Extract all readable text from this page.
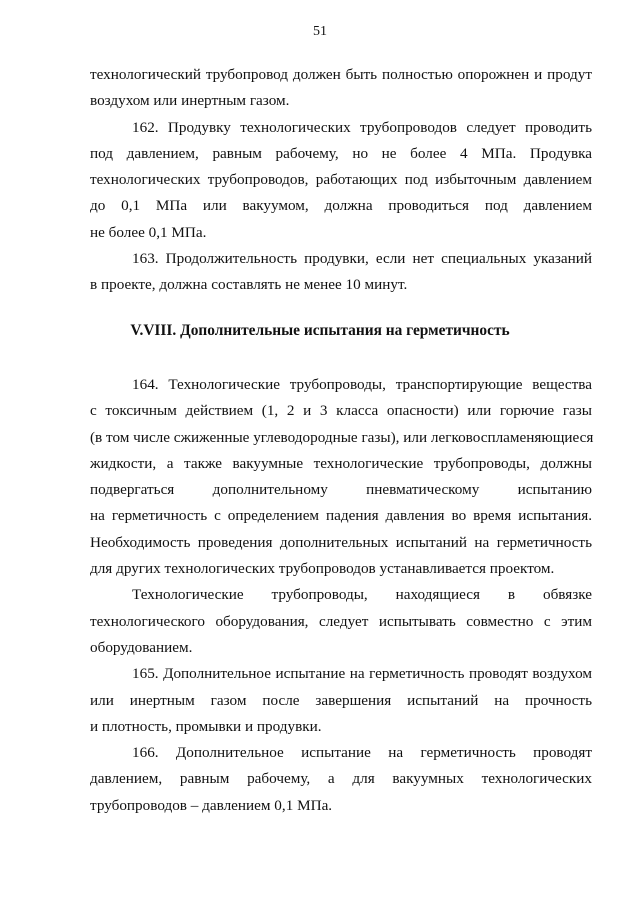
51
технологический трубопровод должен быть полностью опорожнен и продут
воздухом или инертным газом.
162. Продувку технологических трубопроводов следует проводить
под давлением, равным рабочему, но не более 4 МПа. Продувка
технологических трубопроводов, работающих под избыточным давлением
до 0,1 МПа или вакуумом, должна проводиться под давлением
не более 0,1 МПа.
163. Продолжительность продувки, если нет специальных указаний
в проекте, должна составлять не менее 10 минут.
V.VIII. Дополнительные испытания на герметичность
164. Технологические трубопроводы, транспортирующие вещества
с токсичным действием (1, 2 и 3 класса опасности) или горючие газы
(в том числе сжиженные углеводородные газы), или легковоспламеняющиеся
жидкости, а также вакуумные технологические трубопроводы, должны
подвергаться дополнительному пневматическому испытанию
на герметичность с определением падения давления во время испытания.
Необходимость проведения дополнительных испытаний на герметичность
для других технологических трубопроводов устанавливается проектом.
Технологические трубопроводы, находящиеся в обвязке
технологического оборудования, следует испытывать совместно с этим
оборудованием.
165. Дополнительное испытание на герметичность проводят воздухом
или инертным газом после завершения испытаний на прочность
и плотность, промывки и продувки.
166. Дополнительное испытание на герметичность проводят
давлением, равным рабочему, а для вакуумных технологических
трубопроводов – давлением 0,1 МПа.
